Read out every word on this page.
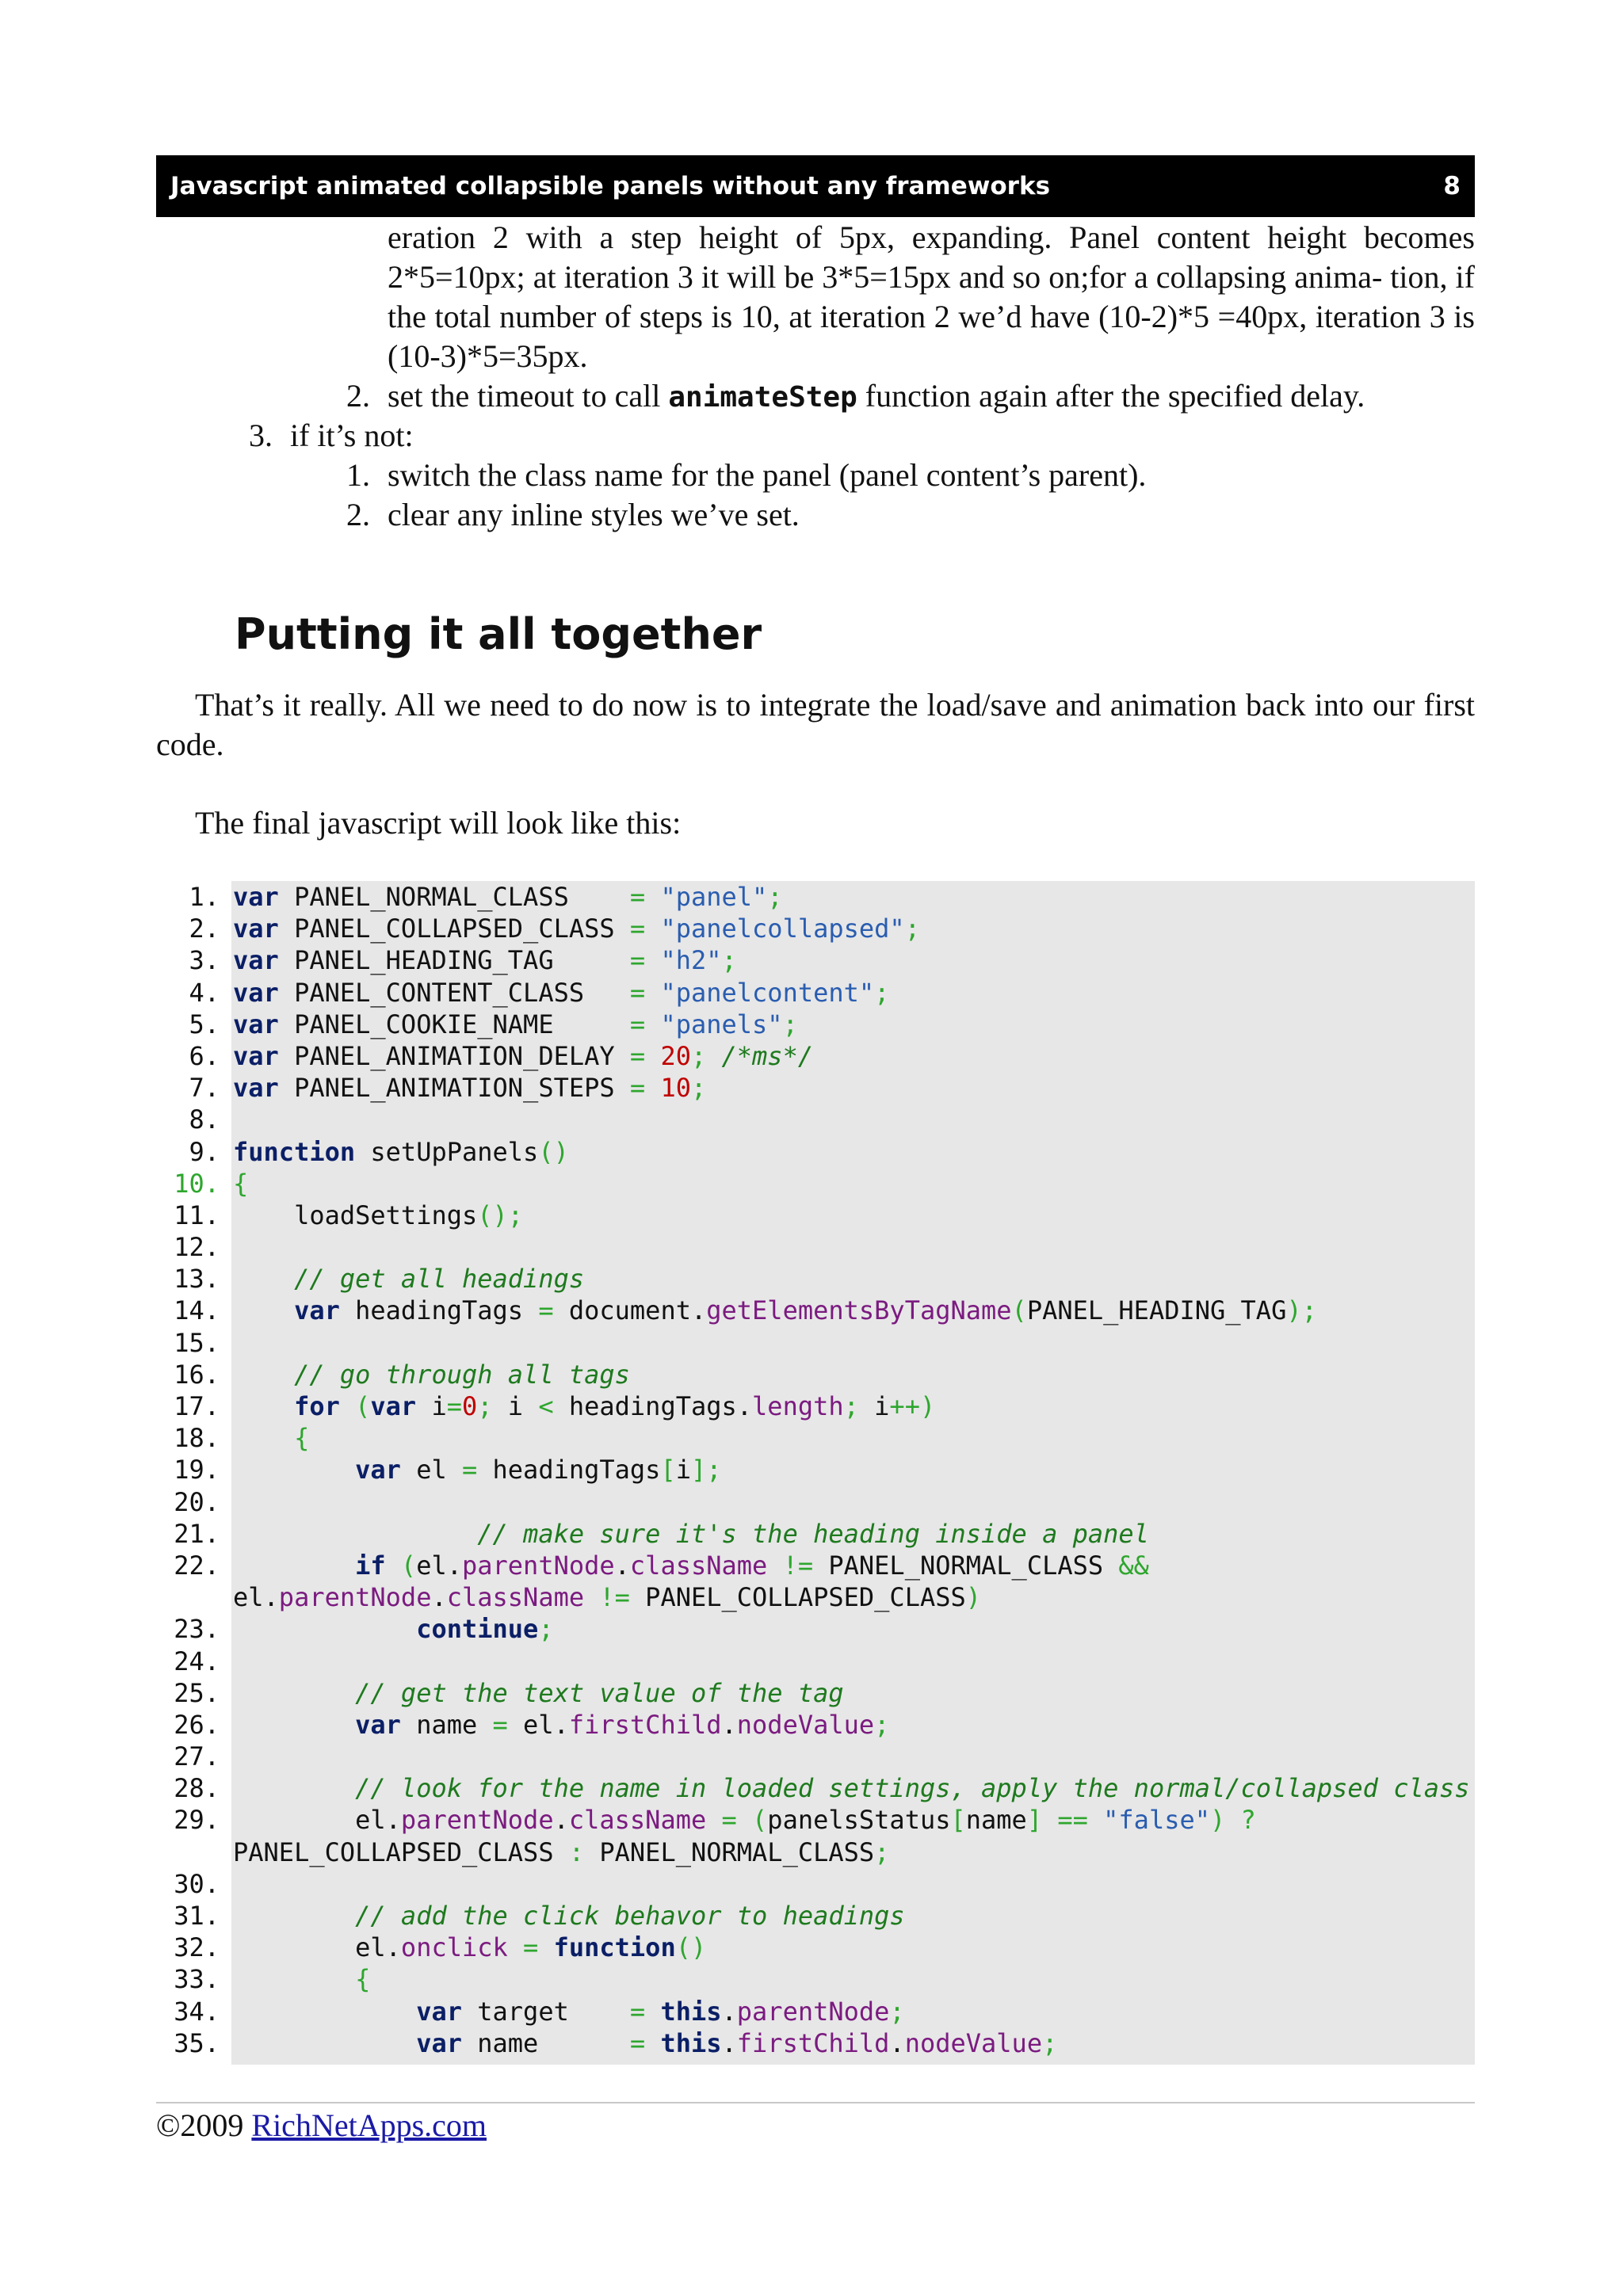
Javascript animated collapsible panels without any frameworks	8

eration 2 with a step height of 5px, expanding. Panel content height becomes 2*5=10px; at iteration 3 it will be 3*5=15px and so on;for a collapsing anima- tion, if the total number of steps is 10, at iteration 2 we’d have (10-2)*5 =40px, iteration 3 is (10-3)*5=35px.

2. set the timeout to call animateStep function again after the specified delay.
3. if it’s not:
1. switch the class name for the panel (panel content’s parent).
2. clear any inline styles we’ve set.
Putting it all together

That’s it really. All we need to do now is to integrate the load/save and animation back into our first code.

The final javascript will look like this:

1. var PANEL_NORMAL_CLASS    = "panel";
2. var PANEL_COLLAPSED_CLASS = "panelcollapsed";
3. var PANEL_HEADING_TAG     = "h2";
4. var PANEL_CONTENT_CLASS   = "panelcontent";
5. var PANEL_COOKIE_NAME     = "panels";
6. var PANEL_ANIMATION_DELAY = 20; /*ms*/
7. var PANEL_ANIMATION_STEPS = 10;
8.
9. function setUpPanels()
10. {
11. loadSettings();
12.
13.	// get all headings
14.	var headingTags = document.getElementsByTagName(PANEL_HEADING_TAG);
15.
16.	// go through all tags
17.	for (var i=0; i < headingTags.length; i++)
18.	{
19.	var el = headingTags[i];
20.
21.	// make sure it's the heading inside a panel
22.	if (el.parentNode.className != PANEL_NORMAL_CLASS &&
el.parentNode.className != PANEL_COLLAPSED_CLASS)
23.	continue;
24.
25.	// get the text value of the tag
26.	var name = el.firstChild.nodeValue;
27.
28.	// look for the name in loaded settings, apply the normal/collapsed class
29. el.parentNode.className = (panelsStatus[name] == "false") ?
PANEL_COLLAPSED_CLASS : PANEL_NORMAL_CLASS;
30.
31.	// add the click behavor to headings
32. el.onclick = function()
33.	{
34.	var target    = this.parentNode;
35.	var name      = this.firstChild.nodeValue;

©2009 RichNetApps.com
